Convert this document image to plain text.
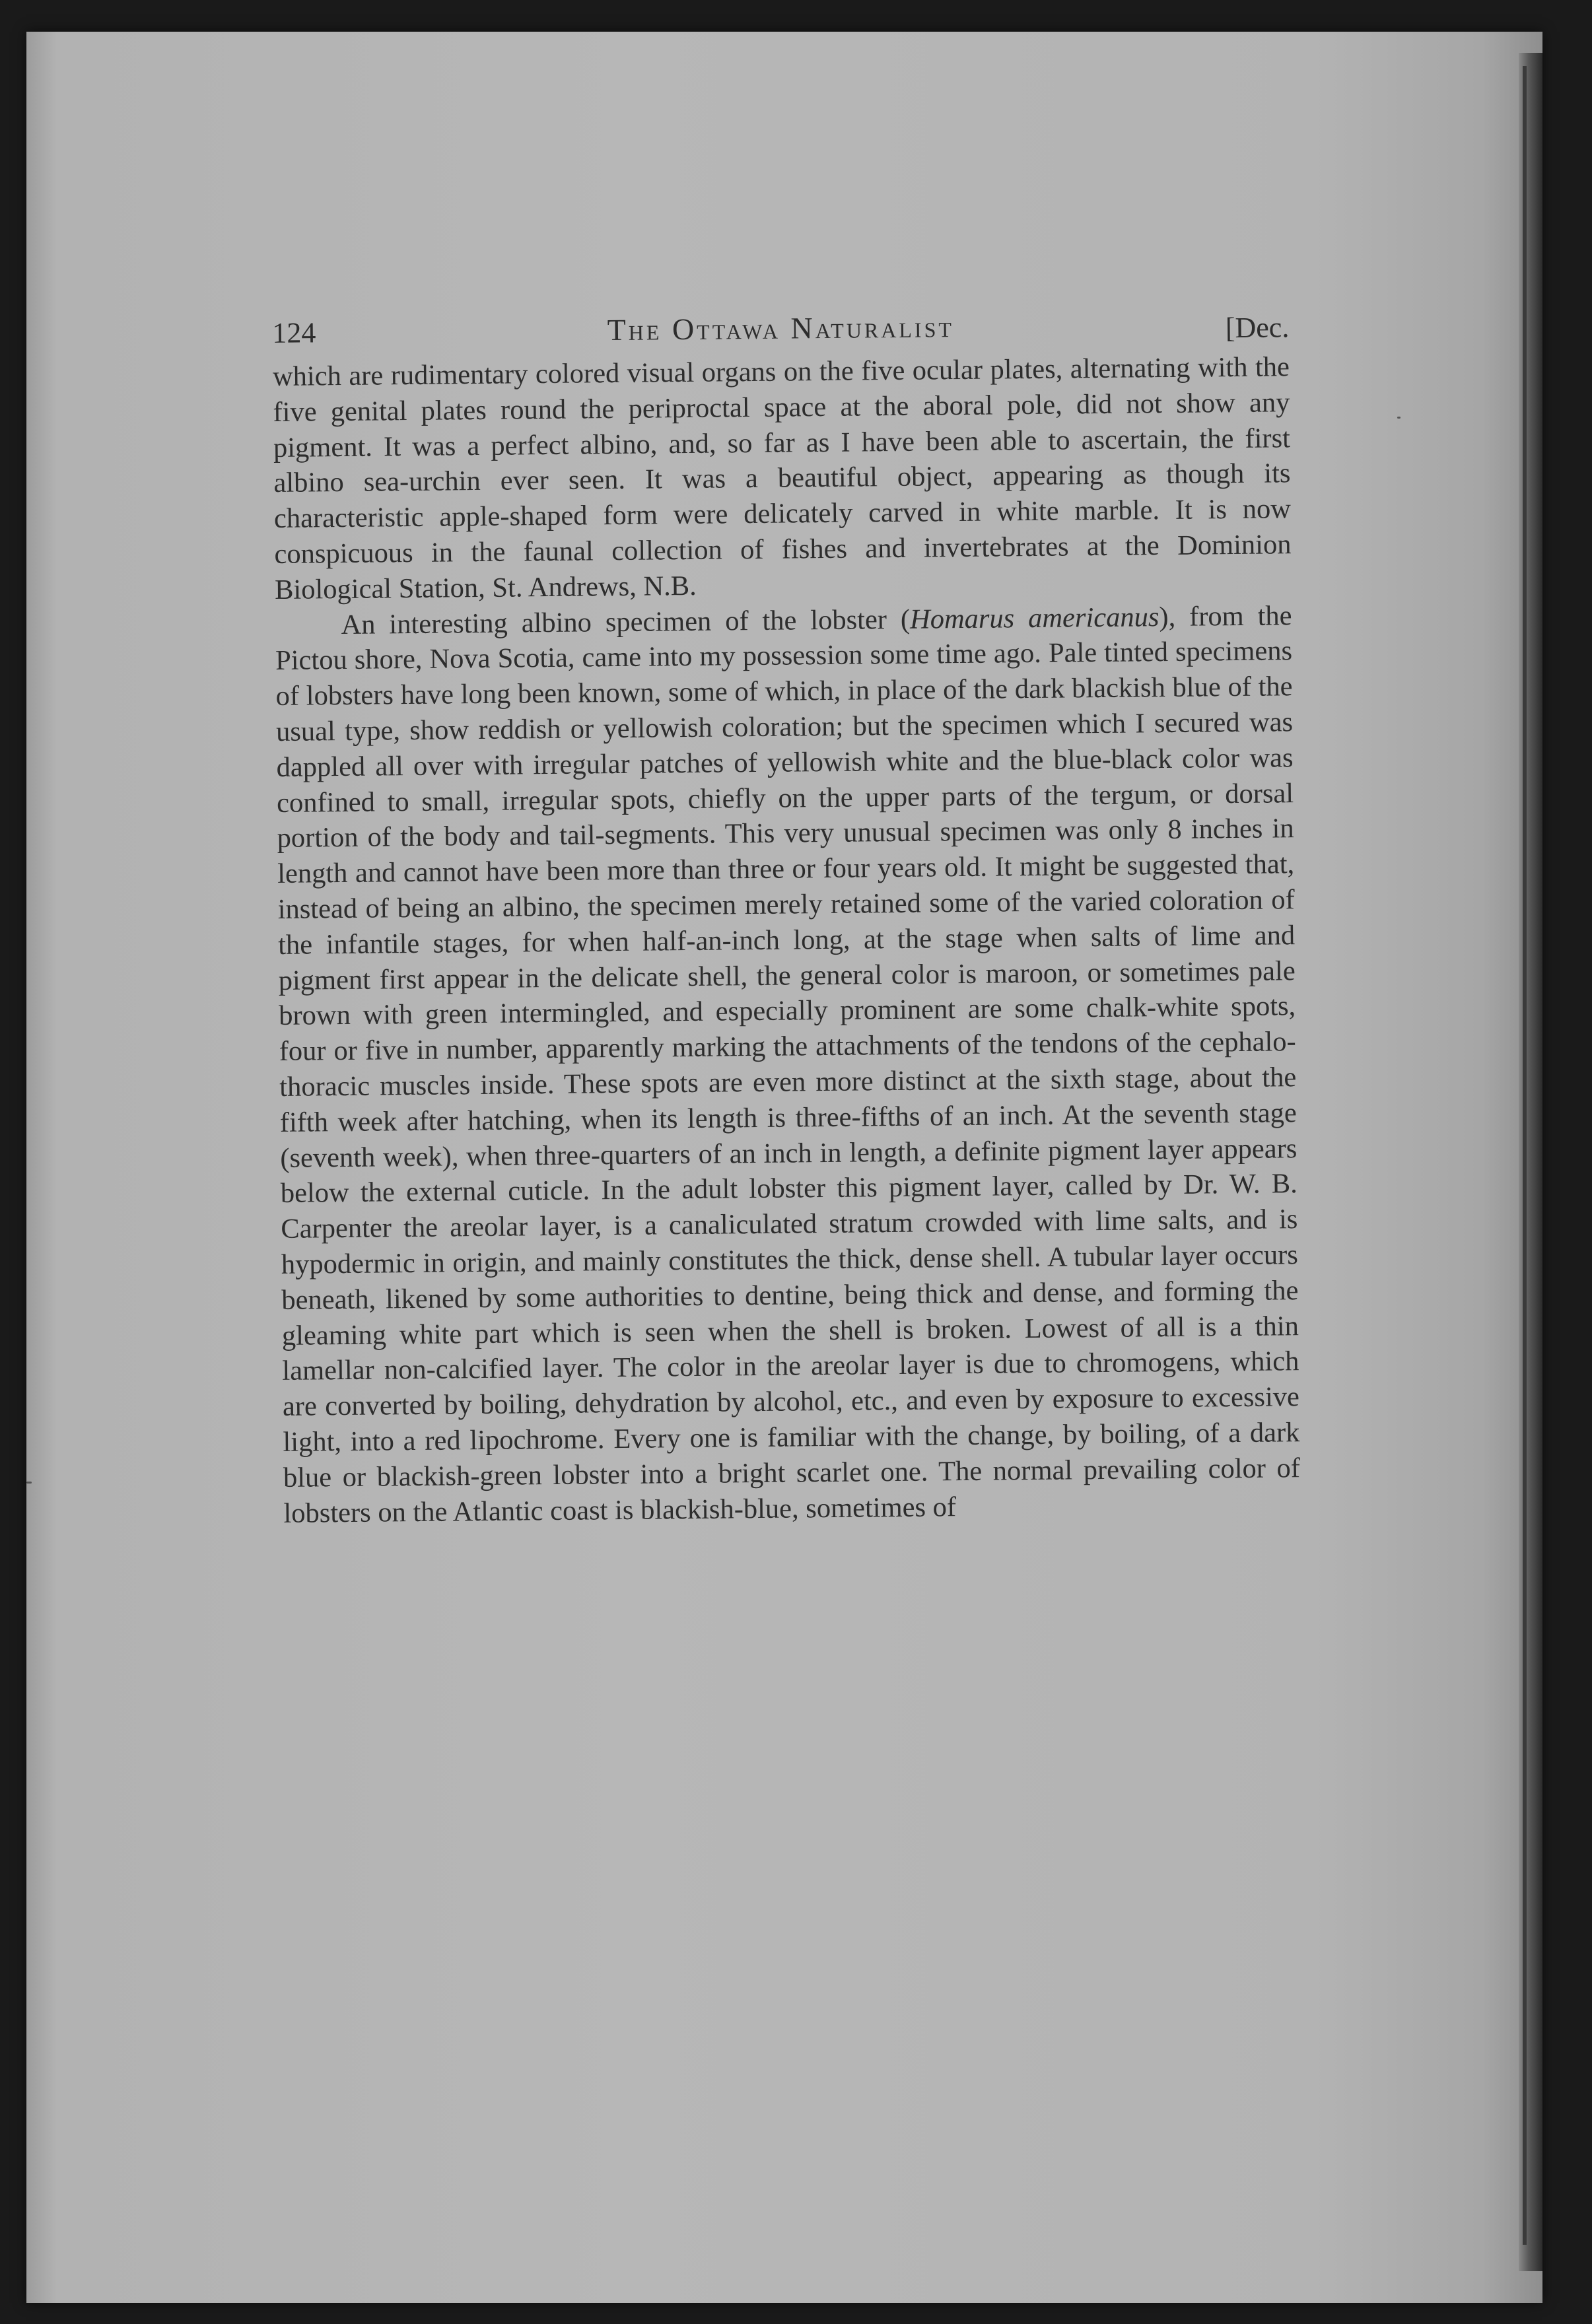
124	The Ottawa Naturalist	[Dec.

which are rudimentary colored visual organs on the five ocular plates, alternating with the five genital plates round the periproctal space at the aboral pole, did not show any pigment. It was a perfect albino, and, so far as I have been able to ascertain, the first albino sea-urchin ever seen. It was a beautiful object, appearing as though its characteristic apple-shaped form were delicately carved in white marble. It is now conspicuous in the faunal collection of fishes and invertebrates at the Dominion Biological Station, St. Andrews, N.B.

An interesting albino specimen of the lobster (Homarus americanus), from the Pictou shore, Nova Scotia, came into my possession some time ago. Pale tinted specimens of lobsters have long been known, some of which, in place of the dark blackish blue of the usual type, show reddish or yellowish coloration; but the specimen which I secured was dappled all over with irregular patches of yellowish white and the blue-black color was confined to small, irregular spots, chiefly on the upper parts of the tergum, or dorsal portion of the body and tail-segments. This very unusual specimen was only 8 inches in length and cannot have been more than three or four years old. It might be suggested that, instead of being an albino, the specimen merely retained some of the varied coloration of the infantile stages, for when half-an-inch long, at the stage when salts of lime and pigment first appear in the delicate shell, the general color is maroon, or sometimes pale brown with green intermingled, and especially prominent are some chalk-white spots, four or five in number, apparently marking the attachments of the tendons of the cephalo-thoracic muscles inside. These spots are even more distinct at the sixth stage, about the fifth week after hatching, when its length is three-fifths of an inch. At the seventh stage (seventh week), when three-quarters of an inch in length, a definite pigment layer appears below the external cuticle. In the adult lobster this pigment layer, called by Dr. W. B. Carpenter the areolar layer, is a canaliculated stratum crowded with lime salts, and is hypodermic in origin, and mainly constitutes the thick, dense shell. A tubular layer occurs beneath, likened by some authorities to dentine, being thick and dense, and forming the gleaming white part which is seen when the shell is broken. Lowest of all is a thin lamellar non-calcified layer. The color in the areolar layer is due to chromogens, which are converted by boiling, dehydration by alcohol, etc., and even by exposure to excessive light, into a red lipochrome. Every one is familiar with the change, by boiling, of a dark blue or blackish-green lobster into a bright scarlet one. The normal prevailing color of lobsters on the Atlantic coast is blackish-blue, sometimes of
